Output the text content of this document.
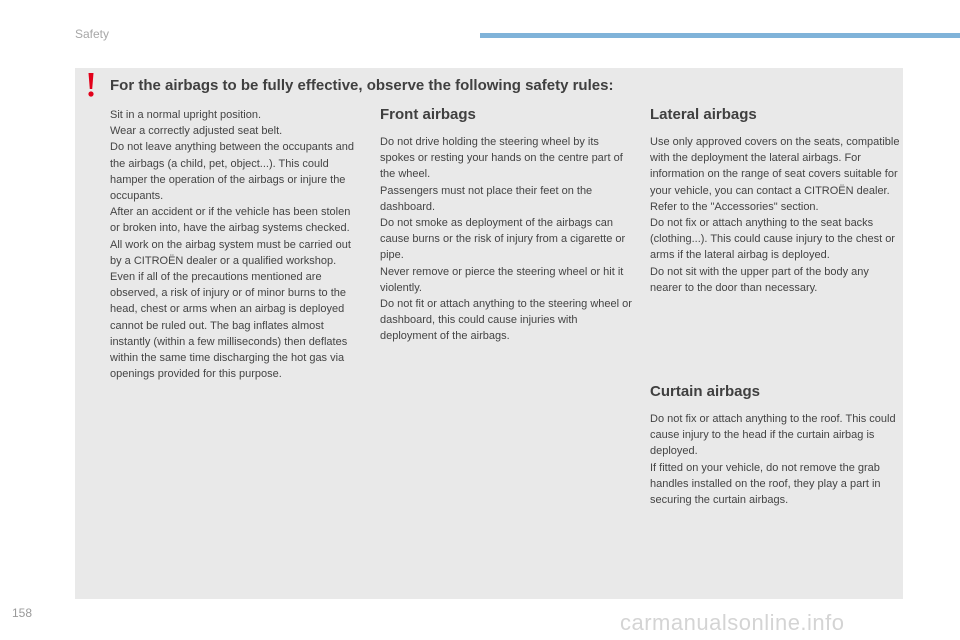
Safety
For the airbags to be fully effective, observe the following safety rules:

Sit in a normal upright position.
Wear a correctly adjusted seat belt.
Do not leave anything between the occupants and the airbags (a child, pet, object...). This could hamper the operation of the airbags or injure the occupants.
After an accident or if the vehicle has been stolen or broken into, have the airbag systems checked.
All work on the airbag system must be carried out by a CITROËN dealer or a qualified workshop.
Even if all of the precautions mentioned are observed, a risk of injury or of minor burns to the head, chest or arms when an airbag is deployed cannot be ruled out. The bag inflates almost instantly (within a few milliseconds) then deflates within the same time discharging the hot gas via openings provided for this purpose.

Front airbags

Do not drive holding the steering wheel by its spokes or resting your hands on the centre part of the wheel.
Passengers must not place their feet on the dashboard.
Do not smoke as deployment of the airbags can cause burns or the risk of injury from a cigarette or pipe.
Never remove or pierce the steering wheel or hit it violently.
Do not fit or attach anything to the steering wheel or dashboard, this could cause injuries with deployment of the airbags.

Lateral airbags

Use only approved covers on the seats, compatible with the deployment the lateral airbags. For information on the range of seat covers suitable for your vehicle, you can contact a CITROËN dealer.
Refer to the "Accessories" section.
Do not fix or attach anything to the seat backs (clothing...). This could cause injury to the chest or arms if the lateral airbag is deployed.
Do not sit with the upper part of the body any nearer to the door than necessary.

Curtain airbags

Do not fix or attach anything to the roof. This could cause injury to the head if the curtain airbag is deployed.
If fitted on your vehicle, do not remove the grab handles installed on the roof, they play a part in securing the curtain airbags.

158	carmanualsonline.info
